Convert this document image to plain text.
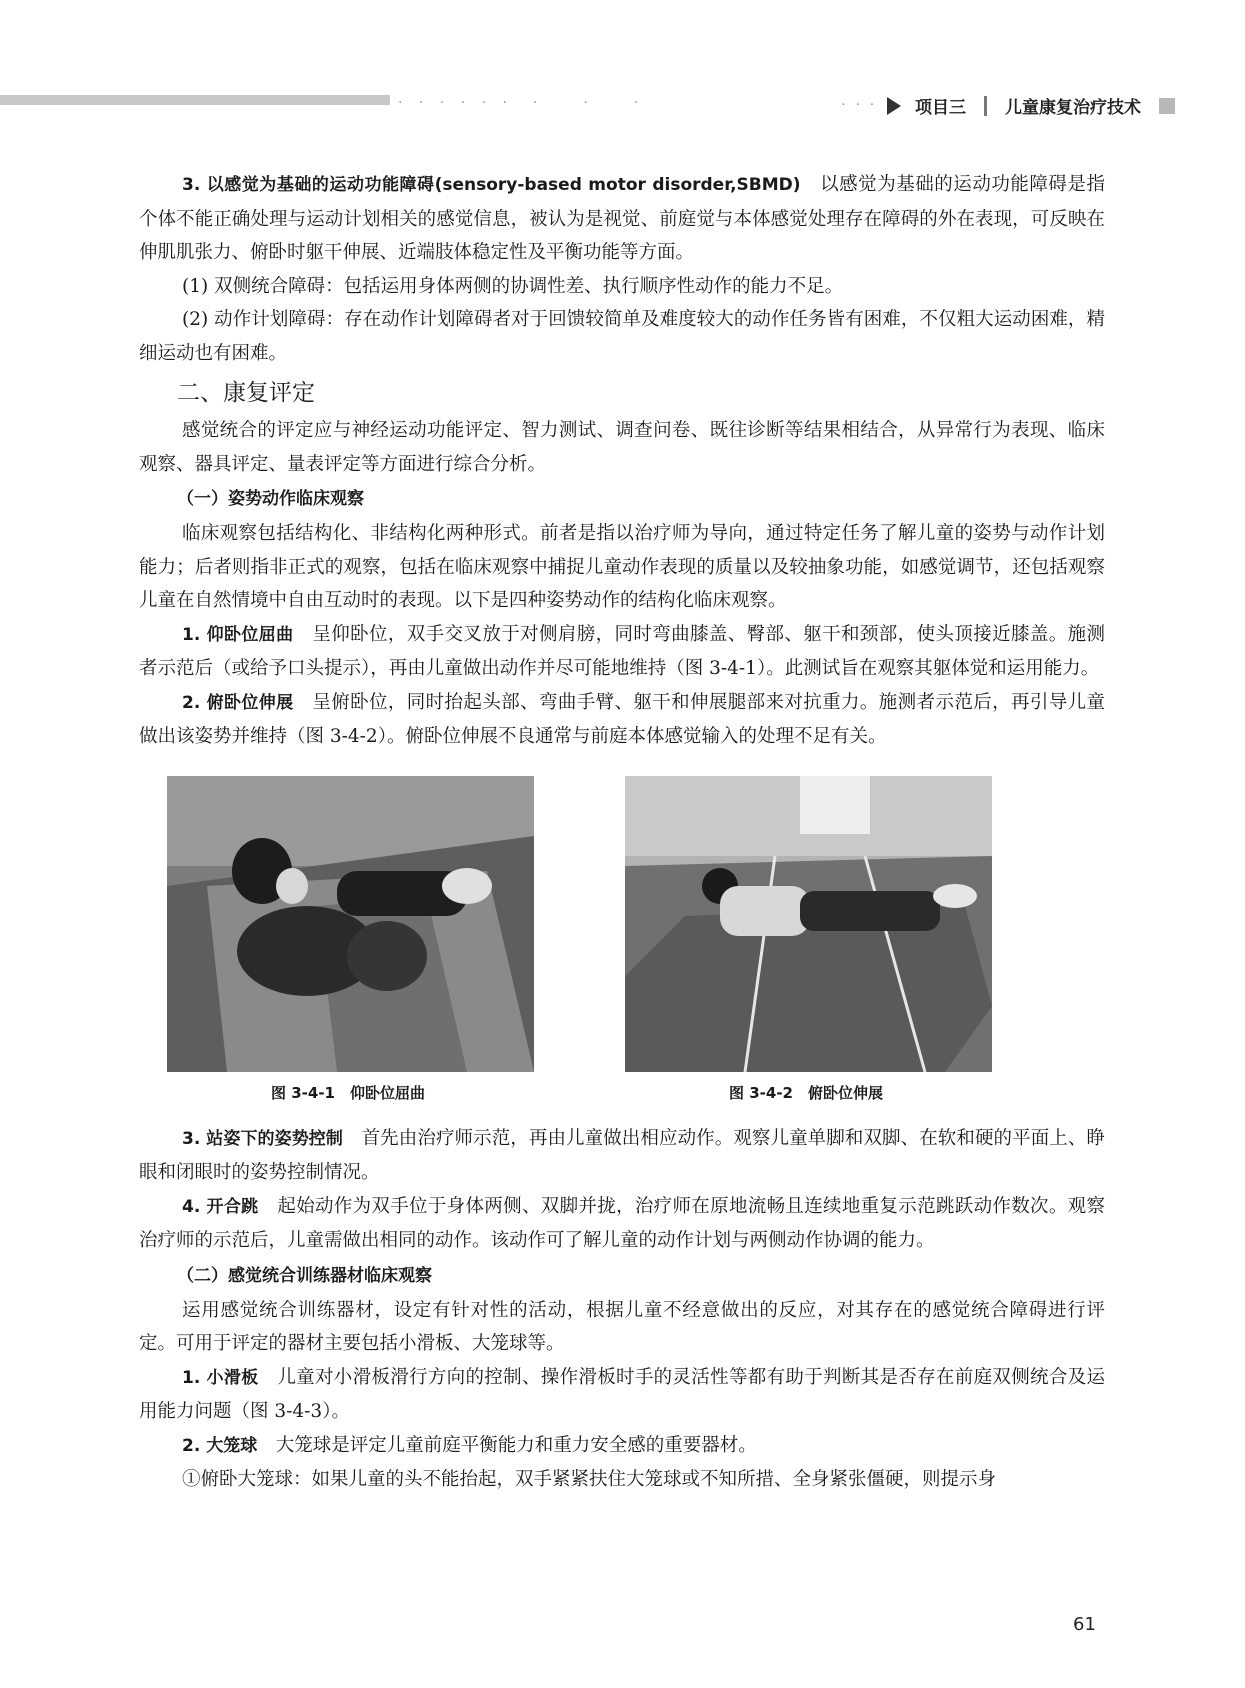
· · · · · ·　·　　·　　·	· · · 项目三 儿童康复治疗技术

3. 以感觉为基础的运动功能障碍(sensory-based motor disorder,SBMD)　 以感觉为基础的运动功能障碍是指个体不能正确处理与运动计划相关的感觉信息，被认为是视觉、前庭觉与本体感觉处理存在障碍的外在表现，可反映在伸肌肌张力、俯卧时躯干伸展、近端肢体稳定性及平衡功能等方面。

(1) 双侧统合障碍：包括运用身体两侧的协调性差、执行顺序性动作的能力不足。

(2) 动作计划障碍：存在动作计划障碍者对于回馈较简单及难度较大的动作任务皆有困难，不仅粗大运动困难，精细运动也有困难。

二、康复评定

感觉统合的评定应与神经运动功能评定、智力测试、调查问卷、既往诊断等结果相结合，从异常行为表现、临床观察、器具评定、量表评定等方面进行综合分析。

（一）姿势动作临床观察

临床观察包括结构化、非结构化两种形式。前者是指以治疗师为导向，通过特定任务了解儿童的姿势与动作计划能力；后者则指非正式的观察，包括在临床观察中捕捉儿童动作表现的质量以及较抽象功能，如感觉调节，还包括观察儿童在自然情境中自由互动时的表现。以下是四种姿势动作的结构化临床观察。

1. 仰卧位屈曲　 呈仰卧位，双手交叉放于对侧肩膀，同时弯曲膝盖、臀部、躯干和颈部，使头顶接近膝盖。施测者示范后（或给予口头提示），再由儿童做出动作并尽可能地维持（图 3-4-1）。此测试旨在观察其躯体觉和运用能力。

2. 俯卧位伸展　 呈俯卧位，同时抬起头部、弯曲手臂、躯干和伸展腿部来对抗重力。施测者示范后，再引导儿童做出该姿势并维持（图 3-4-2）。俯卧位伸展不良通常与前庭本体感觉输入的处理不足有关。

图 3-4-1　仰卧位屈曲	图 3-4-2　俯卧位伸展

3. 站姿下的姿势控制　 首先由治疗师示范，再由儿童做出相应动作。观察儿童单脚和双脚、在软和硬的平面上、睁眼和闭眼时的姿势控制情况。

4. 开合跳　 起始动作为双手位于身体两侧、双脚并拢，治疗师在原地流畅且连续地重复示范跳跃动作数次。观察治疗师的示范后，儿童需做出相同的动作。该动作可了解儿童的动作计划与两侧动作协调的能力。

（二）感觉统合训练器材临床观察

运用感觉统合训练器材，设定有针对性的活动，根据儿童不经意做出的反应，对其存在的感觉统合障碍进行评定。可用于评定的器材主要包括小滑板、大笼球等。

1. 小滑板　 儿童对小滑板滑行方向的控制、操作滑板时手的灵活性等都有助于判断其是否存在前庭双侧统合及运用能力问题（图 3-4-3）。

2. 大笼球　 大笼球是评定儿童前庭平衡能力和重力安全感的重要器材。

①俯卧大笼球：如果儿童的头不能抬起，双手紧紧扶住大笼球或不知所措、全身紧张僵硬，则提示身

61
